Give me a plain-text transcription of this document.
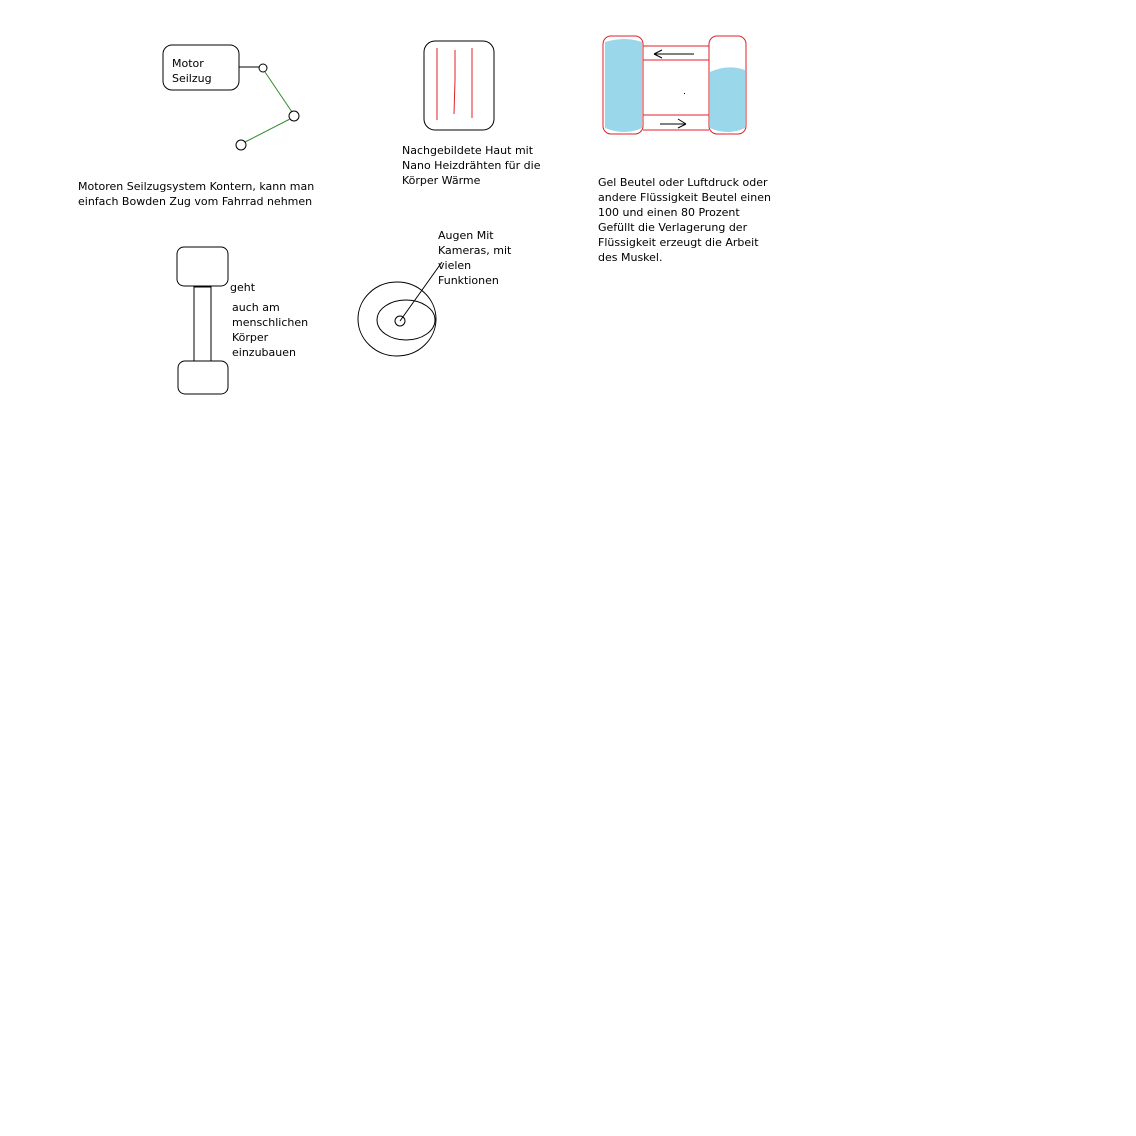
Motor
Seilzug
Motoren Seilzugsystem Kontern, kann man
einfach Bowden Zug vom Fahrrad nehmen
Nachgebildete Haut mit
Nano Heizdrähten für die
Körper Wärme	Gel Beutel oder Luftdruck oder
andere Flüssigkeit Beutel einen
100 und einen 80 Prozent
Gefüllt die Verlagerung der
Flüssigkeit erzeugt die Arbeit
des Muskel.
geht
auch am
menschlichen
Körper
einzubauen
Augen Mit
Kameras, mit
vielen
Funktionen
